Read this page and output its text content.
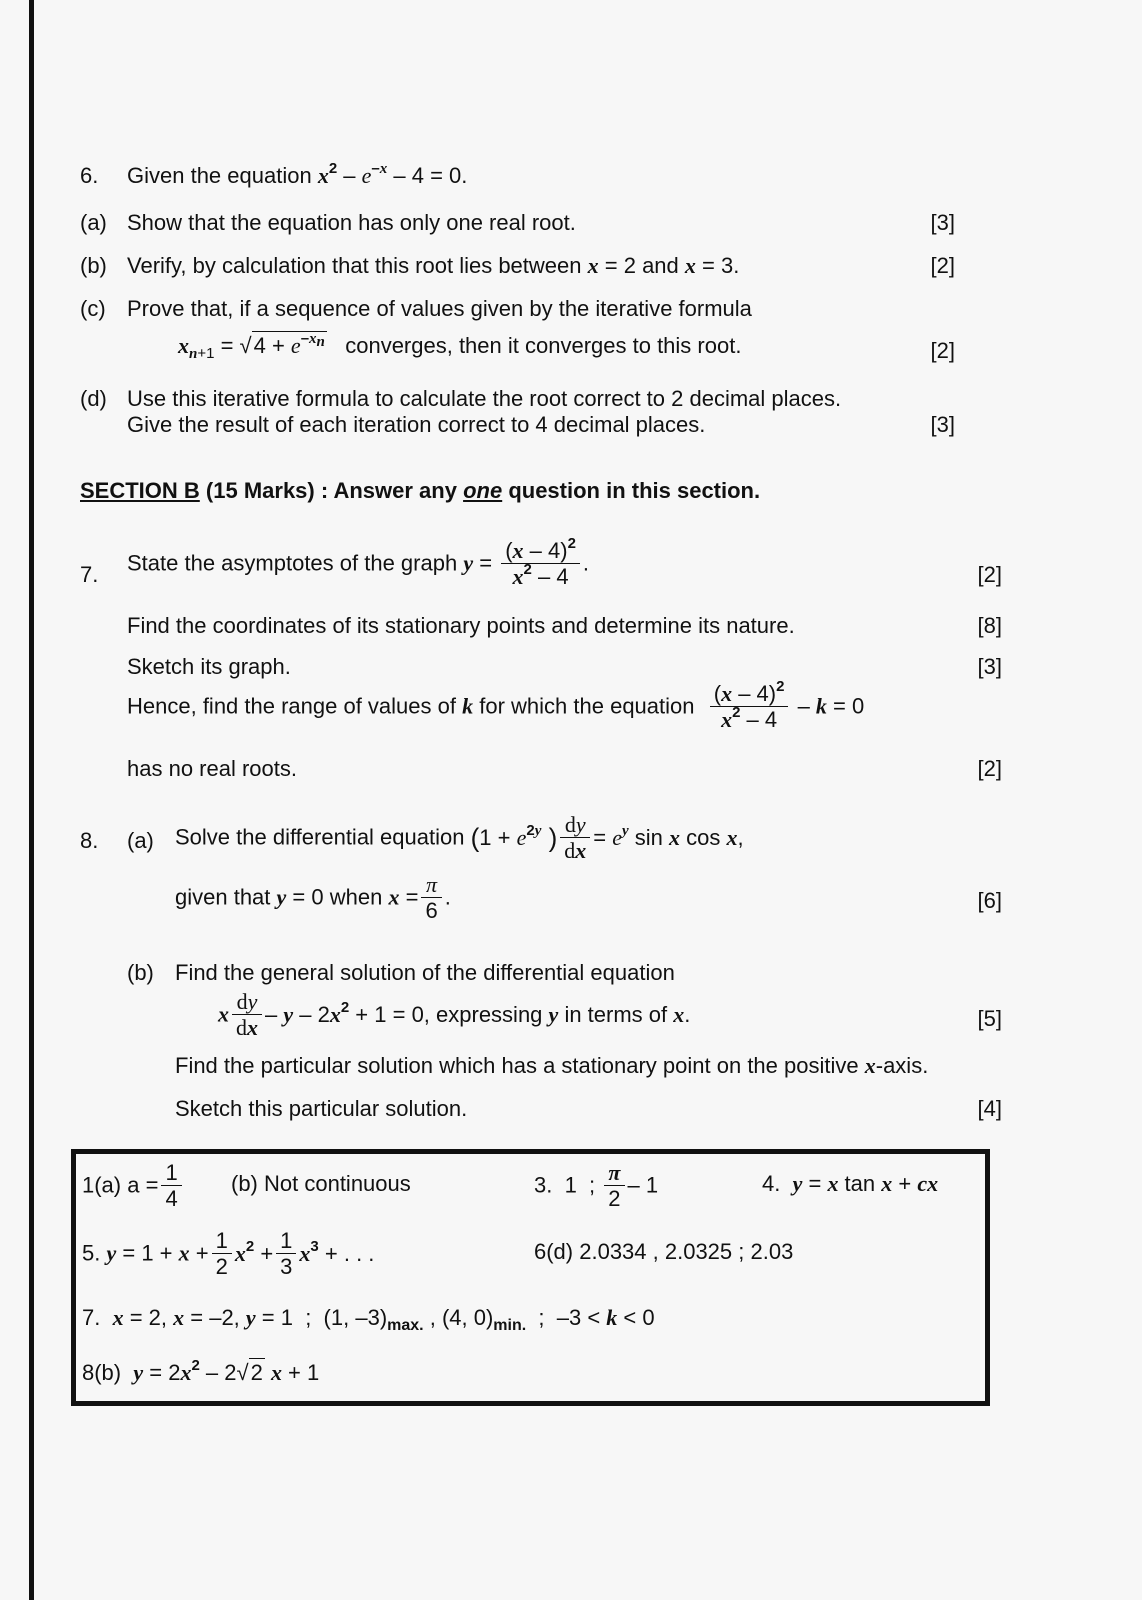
6. Given the equation $x^2 - e^{-x} - 4 = 0$.
(a) Show that the equation has only one real root.	[3]
(b) Verify, by calculation that this root lies between x = 2 and x = 3.	[2]
(c) Prove that, if a sequence of values given by the iterative formula
$x_{n+1} = √4 + e^{-x_n}$ converges, then it converges to this root.	[2]
(d) Use this iterative formula to calculate the root correct to 2 decimal places.
Give the result of each iteration correct to 4 decimal places.	[3]
SECTION B (15 Marks) : Answer any one question in this section.
7. State the asymptotes of the graph $y = \frac{(x - 4)^2}{x^2 - 4}$ .	[2]
Find the coordinates of its stationary points and determine its nature.	[8]
Sketch its graph.	[3]
Hence, find the range of values of k for which the equation $\frac{(x - 4)^2}{x^2 - 4} - k = 0$
has no real roots.	[2]
8. (a) Solve the differential equation ($1 + e^{2y}$ ) $\frac{dy}{dx} = e^y$ sin x cos x,
given that y = 0 when $x = \frac{\pi}{6}$ .	[6]
(b) Find the general solution of the differential equation
x $\frac{dy}{dx} - y - 2x^2 + 1 = 0$, expressing y in terms of x.	[5]
Find the particular solution which has a stationary point on the positive x-axis.
Sketch this particular solution.	[4]
1(a) $a = \frac{1}{4} (b)$ Not continuous	3.  1  ; $\frac{\pi}{2} - 1$	4. y = x tan x + cx
5. $y = 1 + x + \frac{1}{2} x^2 + \frac{1}{3} x^3$ + . . .	6(d) 2.0334 , 2.0325 ; 2.03
7. x = 2, x = –2, y = 1  ;  (1, $-3)_{max.}$ , (4, $0)_{min.}$  ;  –3 < k < 0
8(b) $y = 2x^2 - 2√2$ x + 1
